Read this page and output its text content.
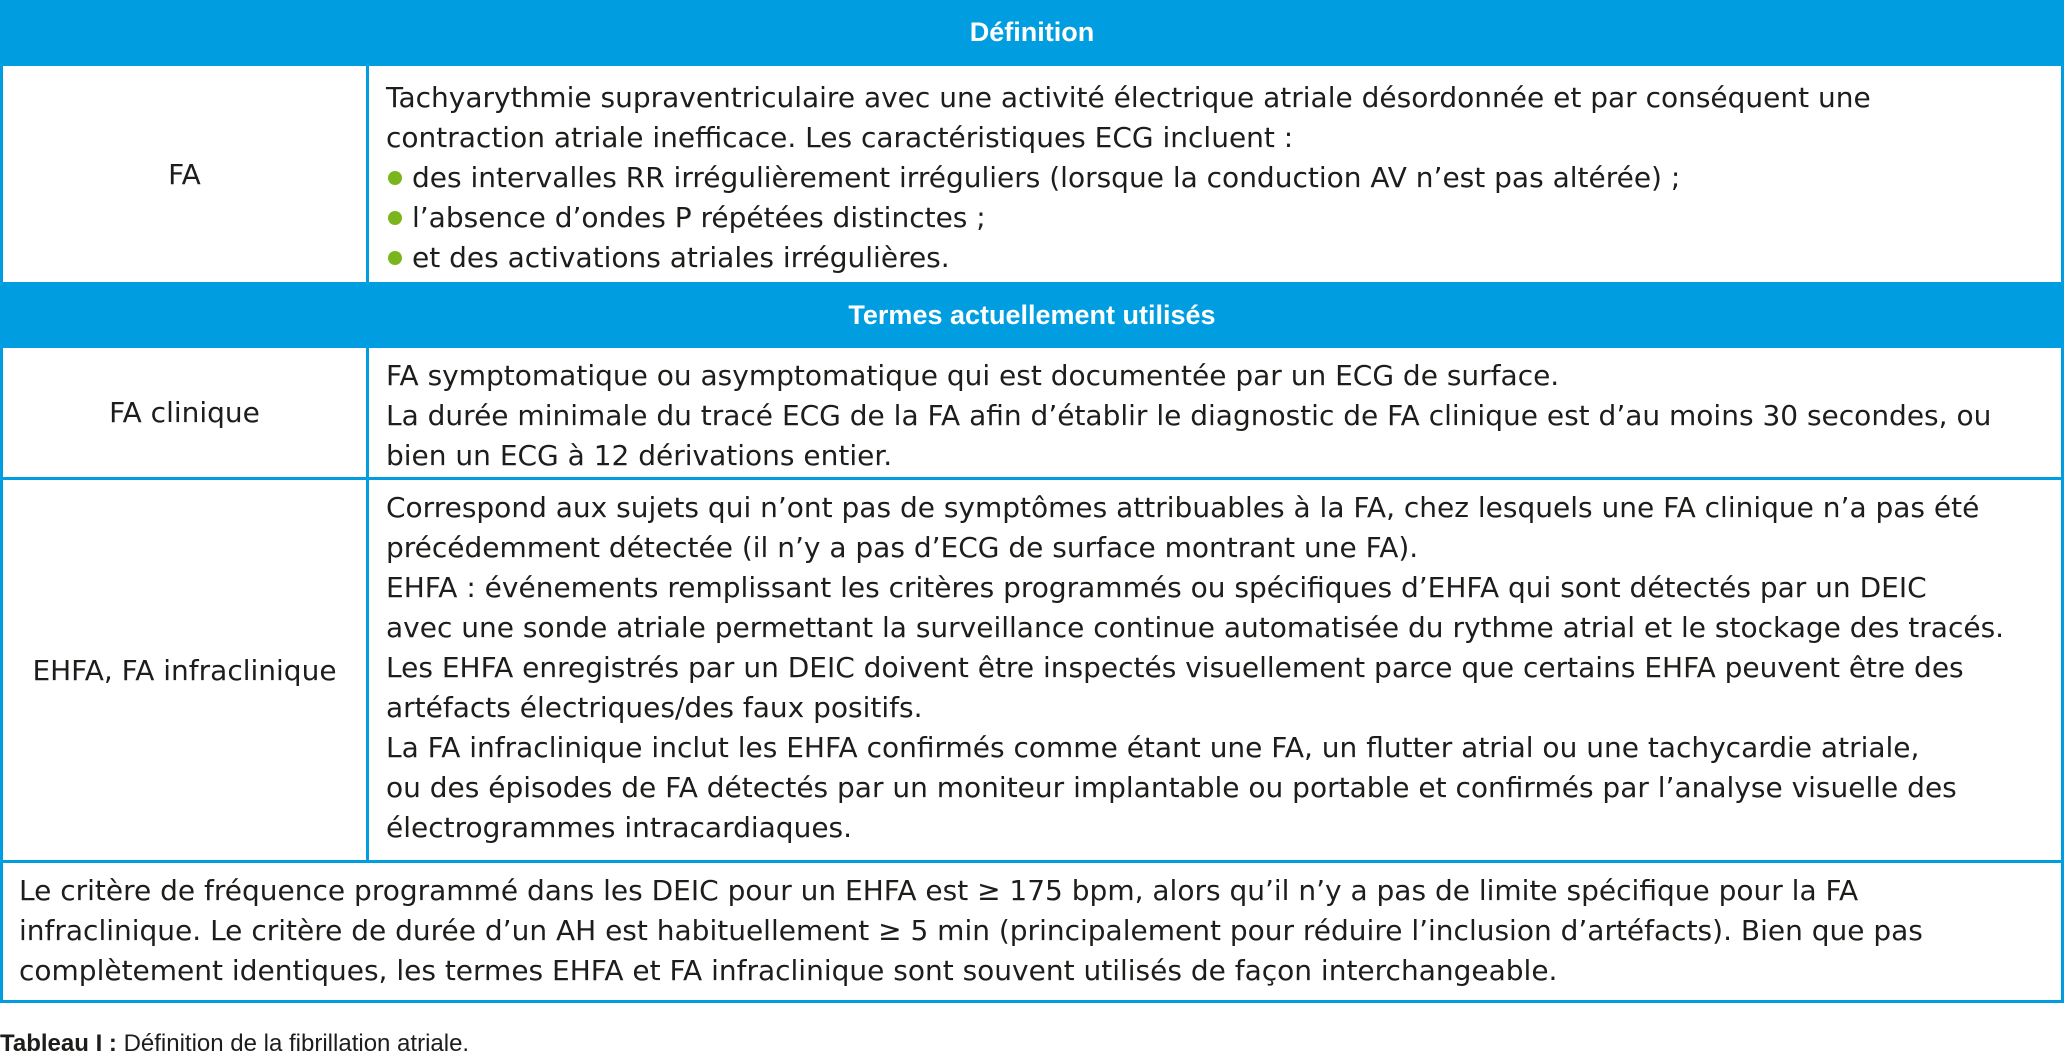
Définition
FA
Tachyarythmie supraventriculaire avec une activité électrique atriale désordonnée et par conséquent une
contraction atriale inefficace. Les caractéristiques ECG incluent :
des intervalles RR irrégulièrement irréguliers (lorsque la conduction AV n’est pas altérée) ;
l’absence d’ondes P répétées distinctes ;
et des activations atriales irrégulières.
Termes actuellement utilisés
FA clinique
FA symptomatique ou asymptomatique qui est documentée par un ECG de surface.
La durée minimale du tracé ECG de la FA afin d’établir le diagnostic de FA clinique est d’au moins 30 secondes, ou
bien un ECG à 12 dérivations entier.
EHFA, FA infraclinique
Correspond aux sujets qui n’ont pas de symptômes attribuables à la FA, chez lesquels une FA clinique n’a pas été
précédemment détectée (il n’y a pas d’ECG de surface montrant une FA).
EHFA : événements remplissant les critères programmés ou spécifiques d’EHFA qui sont détectés par un DEIC
avec une sonde atriale permettant la surveillance continue automatisée du rythme atrial et le stockage des tracés.
Les EHFA enregistrés par un DEIC doivent être inspectés visuellement parce que certains EHFA peuvent être des
artéfacts électriques/des faux positifs.
La FA infraclinique inclut les EHFA confirmés comme étant une FA, un flutter atrial ou une tachycardie atriale,
ou des épisodes de FA détectés par un moniteur implantable ou portable et confirmés par l’analyse visuelle des
électrogrammes intracardiaques.
Le critère de fréquence programmé dans les DEIC pour un EHFA est ≥ 175 bpm, alors qu’il n’y a pas de limite spécifique pour la FA
infraclinique. Le critère de durée d’un AH est habituellement ≥ 5 min (principalement pour réduire l’inclusion d’artéfacts). Bien que pas
complètement identiques, les termes EHFA et FA infraclinique sont souvent utilisés de façon interchangeable.
Tableau I : Définition de la fibrillation atriale.
